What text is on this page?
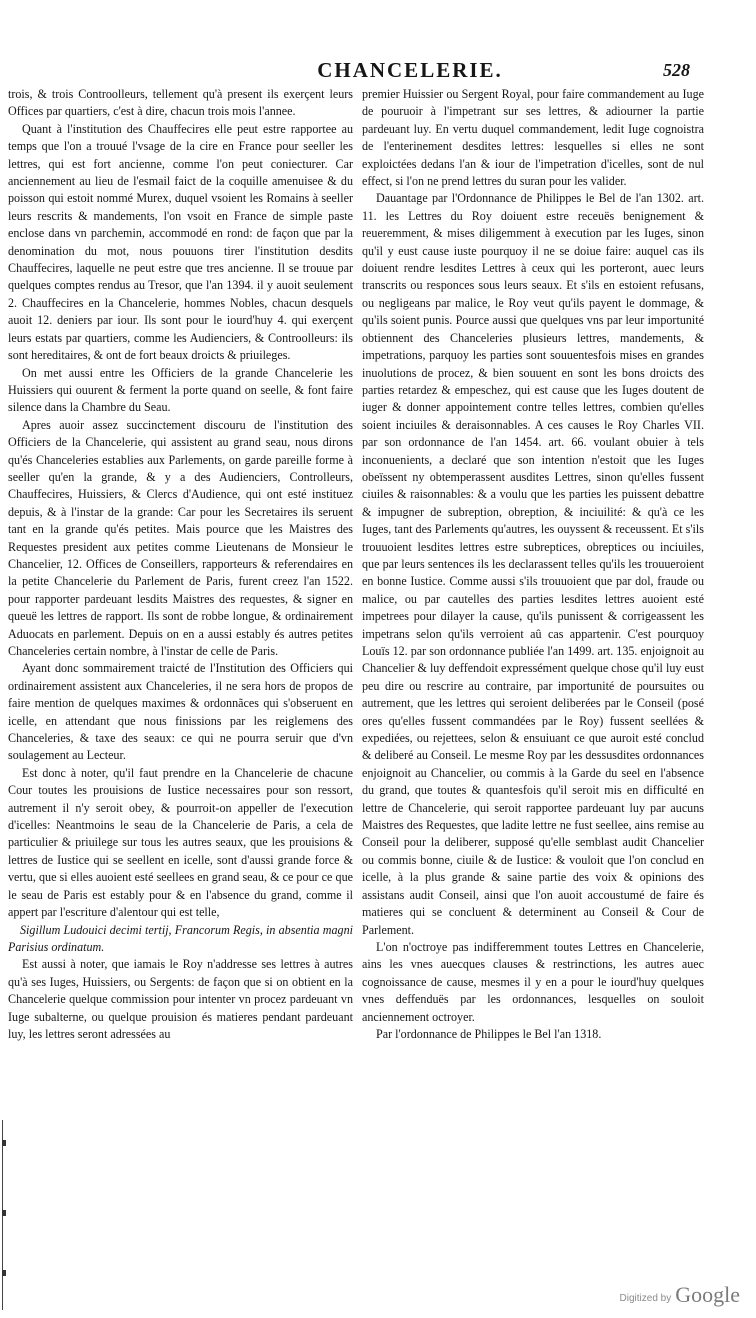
CHANCELERIE.	528

trois, & trois Controolleurs, tellement qu'à present ils exerçent leurs Offices par quartiers, c'est à dire, chacun trois mois l'annee.

Quant à l'institution des Chauffecires elle peut estre rapportee au temps que l'on a trouué l'vsage de la cire en France pour seeller les lettres, qui est fort ancienne, comme l'on peut coniecturer. Car anciennement au lieu de l'esmail faict de la coquille amenuisee & du poisson qui estoit nommé Murex, duquel vsoient les Romains à seeller leurs rescrits & mandements, l'on vsoit en France de simple paste enclose dans vn parchemin, accommodé en rond: de façon que par la denomination du mot, nous pouuons tirer l'institution desdits Chauffecires, laquelle ne peut estre que tres ancienne. Il se trouue par quelques comptes rendus au Tresor, que l'an 1394. il y auoit seulement 2. Chauffecires en la Chancelerie, hommes Nobles, chacun desquels auoit 12. deniers par iour. Ils sont pour le iourd'huy 4. qui exerçent leurs estats par quartiers, comme les Audienciers, & Controolleurs: ils sont hereditaires, & ont de fort beaux droicts & priuileges.

On met aussi entre les Officiers de la grande Chancelerie les Huissiers qui ouurent & ferment la porte quand on seelle, & font faire silence dans la Chambre du Seau.

Apres auoir assez succinctement discouru de l'institution des Officiers de la Chancelerie, qui assistent au grand seau, nous dirons qu'és Chanceleries establies aux Parlements, on garde pareille forme à seeller qu'en la grande, & y a des Audienciers, Controlleurs, Chauffecires, Huissiers, & Clercs d'Audience, qui ont esté instituez depuis, & à l'instar de la grande: Car pour les Secretaires ils seruent tant en la grande qu'és petites. Mais pource que les Maistres des Requestes president aux petites comme Lieutenans de Monsieur le Chancelier, 12. Offices de Conseillers, rapporteurs & referendaires en la petite Chancelerie du Parlement de Paris, furent creez l'an 1522. pour rapporter pardeuant lesdits Maistres des requestes, & signer en queuë les lettres de rapport. Ils sont de robbe longue, & ordinairement Aduocats en parlement. Depuis on en a aussi estably és autres petites Chanceleries certain nombre, à l'instar de celle de Paris.

Ayant donc sommairement traicté de l'Institution des Officiers qui ordinairement assistent aux Chanceleries, il ne sera hors de propos de faire mention de quelques maximes & ordonnãces qui s'obseruent en icelle, en attendant que nous finissions par les reiglemens des Chanceleries, & taxe des seaux: ce qui ne pourra seruir que d'vn soulagement au Lecteur.

Est donc à noter, qu'il faut prendre en la Chancelerie de chacune Cour toutes les prouisions de Iustice necessaires pour son ressort, autrement il n'y seroit obey, & pourroit-on appeller de l'execution d'icelles: Neantmoins le seau de la Chancelerie de Paris, a cela de particulier & priuilege sur tous les autres seaux, que les prouisions & lettres de Iustice qui se seellent en icelle, sont d'aussi grande force & vertu, que si elles auoient esté seellees en grand seau, & ce pour ce que le seau de Paris est estably pour & en l'absence du grand, comme il appert par l'escriture d'alentour qui est telle,

Sigillum Ludouici decimi tertij, Francorum Regis, in absentia magni Parisius ordinatum.

Est aussi à noter, que iamais le Roy n'addresse ses lettres à autres qu'à ses Iuges, Huissiers, ou Sergents: de façon que si on obtient en la Chancelerie quelque commission pour intenter vn procez pardeuant vn Iuge subalterne, ou quelque prouision és matieres pendant pardeuant luy, les lettres seront adressées au

premier Huissier ou Sergent Royal, pour faire commandement au Iuge de pouruoir à l'impetrant sur ses lettres, & adiourner la partie pardeuant luy. En vertu duquel commandement, ledit Iuge cognoistra de l'enterinement desdites lettres: lesquelles si elles ne sont exploictées dedans l'an & iour de l'impetration d'icelles, sont de nul effect, si l'on ne prend lettres du suran pour les valider.

Dauantage par l'Ordonnance de Philippes le Bel de l'an 1302. art. 11. les Lettres du Roy doiuent estre receuës benignement & reueremment, & mises diligemment à execution par les Iuges, sinon qu'il y eust cause iuste pourquoy il ne se doiue faire: auquel cas ils doiuent rendre lesdites Lettres à ceux qui les porteront, auec leurs transcrits ou responces sous leurs seaux. Et s'ils en estoient refusans, ou negligeans par malice, le Roy veut qu'ils payent le dommage, & qu'ils soient punis. Pource aussi que quelques vns par leur importunité obtiennent des Chanceleries plusieurs lettres, mandements, & impetrations, parquoy les parties sont souuentesfois mises en grandes inuolutions de procez, & bien souuent en sont les bons droicts des parties retardez & empeschez, qui est cause que les Iuges doutent de iuger & donner appointement contre telles lettres, combien qu'elles soient inciuiles & deraisonnables. A ces causes le Roy Charles VII. par son ordonnance de l'an 1454. art. 66. voulant obuier à tels inconuenients, a declaré que son intention n'estoit que les Iuges obeïssent ny obtemperassent ausdites Lettres, sinon qu'elles fussent ciuiles & raisonnables: & a voulu que les parties les puissent debattre & impugner de subreption, obreption, & inciuilité: & qu'à ce les Iuges, tant des Parlements qu'autres, les ouyssent & receussent. Et s'ils trouuoient lesdites lettres estre subreptices, obreptices ou inciuiles, que par leurs sentences ils les declarassent telles qu'ils les trouueroient en bonne Iustice. Comme aussi s'ils trouuoient que par dol, fraude ou malice, ou par cautelles des parties lesdites lettres auoient esté impetrees pour dilayer la cause, qu'ils punissent & corrigeassent les impetrans selon qu'ils verroient aû cas appartenir. C'est pourquoy Louïs 12. par son ordonnance publiée l'an 1499. art. 135. enjoignoit au Chancelier & luy deffendoit expressément quelque chose qu'il luy eust peu dire ou rescrire au contraire, par importunité de poursuites ou autrement, que les lettres qui seroient deliberées par le Conseil (posé ores qu'elles fussent commandées par le Roy) fussent seellées & expediées, ou rejettees, selon & ensuiuant ce que auroit esté conclud & deliberé au Conseil. Le mesme Roy par les dessusdites ordonnances enjoignoit au Chancelier, ou commis à la Garde du seel en l'absence du grand, que toutes & quantesfois qu'il seroit mis en difficulté en lettre de Chancelerie, qui seroit rapportee pardeuant luy par aucuns Maistres des Requestes, que ladite lettre ne fust seellee, ains remise au Conseil pour la deliberer, supposé qu'elle semblast audit Chancelier ou commis bonne, ciuile & de Iustice: & vouloit que l'on conclud en icelle, à la plus grande & saine partie des voix & opinions des assistans audit Conseil, ainsi que l'on auoit accoustumé de faire és matieres qui se concluent & determinent au Conseil & Cour de Parlement.

L'on n'octroye pas indifferemment toutes Lettres en Chancelerie, ains les vnes auecques clauses & restrinctions, les autres auec cognoissance de cause, mesmes il y en a pour le iourd'huy quelques vnes deffenduës par les ordonnances, lesquelles on souloit anciennement octroyer.

Par l'ordonnance de Philippes le Bel l'an 1318.

Digitized by Google
